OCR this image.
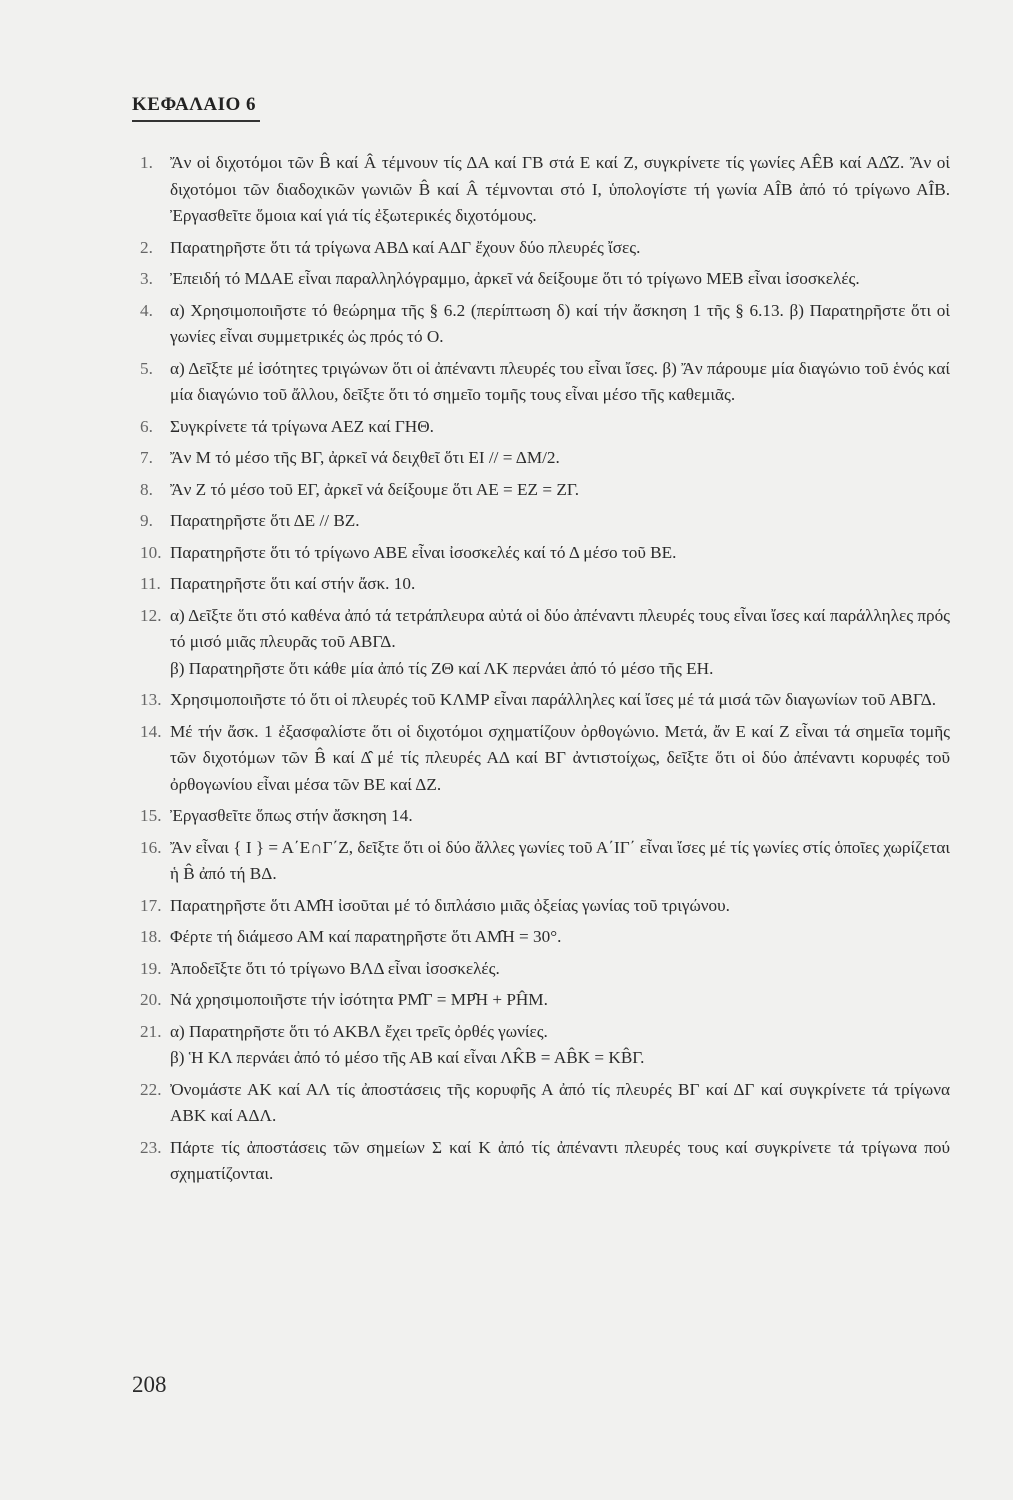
ΚΕΦΑΛΑΙΟ 6
1. Ἄν οἱ διχοτόμοι τῶν B̂ καί Â τέμνουν τίς ΔΑ καί ΓΒ στά Ε καί Ζ, συγκρίνετε τίς γωνίες ΑÊΒ καί ΑΔ̂Ζ. Ἄν οἱ διχοτόμοι τῶν διαδοχικῶν γωνιῶν B̂ καί Â τέμνονται στό Ι, ὑπολογίστε τή γωνία ΑÎΒ ἀπό τό τρίγωνο ΑÎΒ. Ἐργασθεῖτε ὅμοια καί γιά τίς ἐξωτερικές διχοτόμους.
2. Παρατηρῆστε ὅτι τά τρίγωνα ΑΒΔ καί ΑΔΓ ἔχουν δύο πλευρές ἴσες.
3. Ἐπειδή τό ΜΔΑΕ εἶναι παραλληλόγραμμο, ἀρκεῖ νά δείξουμε ὅτι τό τρίγωνο ΜΕΒ εἶναι ἰσοσκελές.
4. α) Χρησιμοποιῆστε τό θεώρημα τῆς § 6.2 (περίπτωση δ) καί τήν ἄσκηση 1 τῆς § 6.13. β) Παρατηρῆστε ὅτι οἱ γωνίες εἶναι συμμετρικές ὡς πρός τό Ο.
5. α) Δεῖξτε μέ ἰσότητες τριγώνων ὅτι οἱ ἀπέναντι πλευρές του εἶναι ἴσες. β) Ἄν πάρουμε μία διαγώνιο τοῦ ἑνός καί μία διαγώνιο τοῦ ἄλλου, δεῖξτε ὅτι τό σημεῖο τομῆς τους εἶναι μέσο τῆς καθεμιᾶς.
6. Συγκρίνετε τά τρίγωνα ΑΕΖ καί ΓΗΘ.
7. Ἄν Μ τό μέσο τῆς ΒΓ, ἀρκεῖ νά δειχθεῖ ὅτι ΕΙ // = ΔΜ/2.
8. Ἄν Ζ τό μέσο τοῦ ΕΓ, ἀρκεῖ νά δείξουμε ὅτι ΑΕ = ΕΖ = ΖΓ.
9. Παρατηρῆστε ὅτι ΔΕ // ΒΖ.
10. Παρατηρῆστε ὅτι τό τρίγωνο ΑΒΕ εἶναι ἰσοσκελές καί τό Δ μέσο τοῦ ΒΕ.
11. Παρατηρῆστε ὅτι καί στήν ἄσκ. 10.
12. α) Δεῖξτε ὅτι στό καθένα ἀπό τά τετράπλευρα αὐτά οἱ δύο ἀπέναντι πλευρές τους εἶναι ἴσες καί παράλληλες πρός τό μισό μιᾶς πλευρᾶς τοῦ ΑΒΓΔ.
β) Παρατηρῆστε ὅτι κάθε μία ἀπό τίς ΖΘ καί ΛΚ περνάει ἀπό τό μέσο τῆς ΕΗ.
13. Χρησιμοποιῆστε τό ὅτι οἱ πλευρές τοῦ ΚΛΜΡ εἶναι παράλληλες καί ἴσες μέ τά μισά τῶν διαγωνίων τοῦ ΑΒΓΔ.
14. Μέ τήν ἄσκ. 1 ἐξασφαλίστε ὅτι οἱ διχοτόμοι σχηματίζουν ὀρθογώνιο. Μετά, ἄν Ε καί Ζ εἶναι τά σημεῖα τομῆς τῶν διχοτόμων τῶν B̂ καί Δ̂ μέ τίς πλευρές ΑΔ καί ΒΓ ἀντιστοίχως, δεῖξτε ὅτι οἱ δύο ἀπέναντι κορυφές τοῦ ὀρθογωνίου εἶναι μέσα τῶν ΒΕ καί ΔΖ.
15. Ἐργασθεῖτε ὅπως στήν ἄσκηση 14.
16. Ἄν εἶναι { Ι } = Α΄Ε∩Γ΄Ζ, δεῖξτε ὅτι οἱ δύο ἄλλες γωνίες τοῦ Α΄ΙΓ΄ εἶναι ἴσες μέ τίς γωνίες στίς ὁποῖες χωρίζεται ἡ B̂ ἀπό τή ΒΔ.
17. Παρατηρῆστε ὅτι ΑΜ̂Η ἰσοῦται μέ τό διπλάσιο μιᾶς ὀξείας γωνίας τοῦ τριγώνου.
18. Φέρτε τή διάμεσο ΑΜ καί παρατηρῆστε ὅτι ΑΜ̂Η = 30°.
19. Ἀποδεῖξτε ὅτι τό τρίγωνο ΒΛΔ εἶναι ἰσοσκελές.
20. Νά χρησιμοποιῆστε τήν ἰσότητα ΡΜ̂Γ = ΜΡ̂Η + ΡĤΜ.
21. α) Παρατηρῆστε ὅτι τό ΑΚΒΛ ἔχει τρεῖς ὀρθές γωνίες.
β) Ἡ ΚΛ περνάει ἀπό τό μέσο τῆς ΑΒ καί εἶναι ΛK̂Β = ΑB̂Κ = ΚB̂Γ.
22. Ὀνομάστε ΑΚ καί ΑΛ τίς ἀποστάσεις τῆς κορυφῆς Α ἀπό τίς πλευρές ΒΓ καί ΔΓ καί συγκρίνετε τά τρίγωνα ΑΒΚ καί ΑΔΛ.
23. Πάρτε τίς ἀποστάσεις τῶν σημείων Σ καί Κ ἀπό τίς ἀπέναντι πλευρές τους καί συγκρίνετε τά τρίγωνα πού σχηματίζονται.
208
